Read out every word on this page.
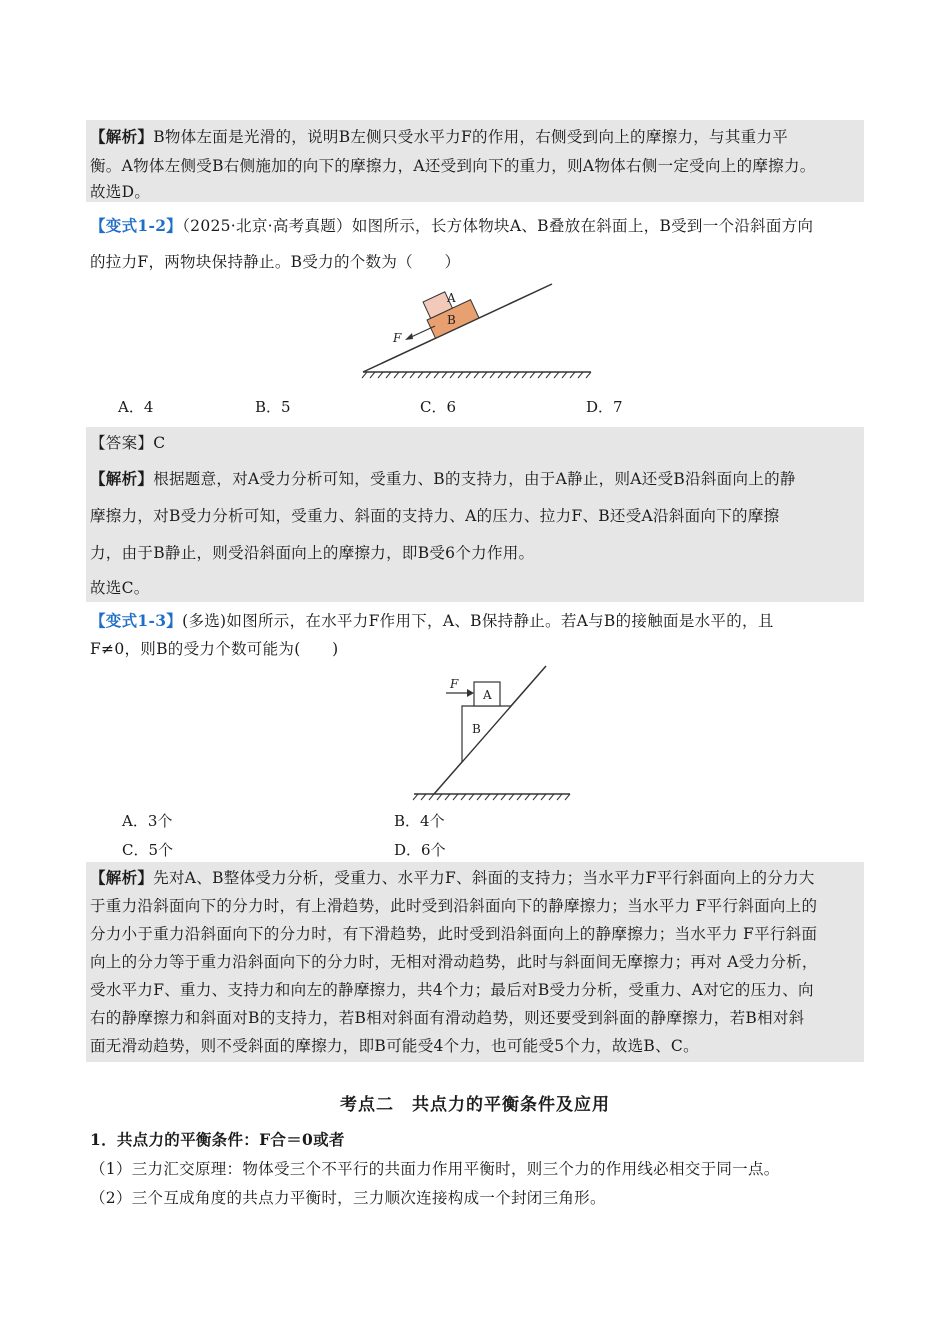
【解析】B物体左面是光滑的，说明B左侧只受水平力F的作用，右侧受到向上的摩擦力，与其重力平
衡。A物体左侧受B右侧施加的向下的摩擦力，A还受到向下的重力，则A物体右侧一定受向上的摩擦力。
故选D。
【变式1-2】（2025·北京·高考真题）如图所示，长方体物块A、B叠放在斜面上，B受到一个沿斜面方向
的拉力F，两物块保持静止。B受力的个数为（　　）
B
A
F
A．4	B．5	C．6	D．7
【答案】C
【解析】根据题意，对A受力分析可知，受重力、B的支持力，由于A静止，则A还受B沿斜面向上的静
摩擦力，对B受力分析可知，受重力、斜面的支持力、A的压力、拉力F、B还受A沿斜面向下的摩擦
力，由于B静止，则受沿斜面向上的摩擦力，即B受6个力作用。
故选C。
【变式1-3】(多选)如图所示，在水平力F作用下，A、B保持静止。若A与B的接触面是水平的，且
F≠0，则B的受力个数可能为(　　)
A
B
F
A．3个	B．4个
C．5个	D．6个
【解析】先对A、B整体受力分析，受重力、水平力F、斜面的支持力；当水平力F平行斜面向上的分力大
于重力沿斜面向下的分力时，有上滑趋势，此时受到沿斜面向下的静摩擦力；当水平力 F平行斜面向上的
分力小于重力沿斜面向下的分力时，有下滑趋势，此时受到沿斜面向上的静摩擦力；当水平力 F平行斜面
向上的分力等于重力沿斜面向下的分力时，无相对滑动趋势，此时与斜面间无摩擦力；再对 A受力分析，
受水平力F、重力、支持力和向左的静摩擦力，共4个力；最后对B受力分析，受重力、A对它的压力、向
右的静摩擦力和斜面对B的支持力，若B相对斜面有滑动趋势，则还要受到斜面的静摩擦力，若B相对斜
面无滑动趋势，则不受斜面的摩擦力，即B可能受4个力，也可能受5个力，故选B、C。
考点二　共点力的平衡条件及应用
1．共点力的平衡条件：F合＝0或者
（1）三力汇交原理：物体受三个不平行的共面力作用平衡时，则三个力的作用线必相交于同一点。
（2）三个互成角度的共点力平衡时，三力顺次连接构成一个封闭三角形。
